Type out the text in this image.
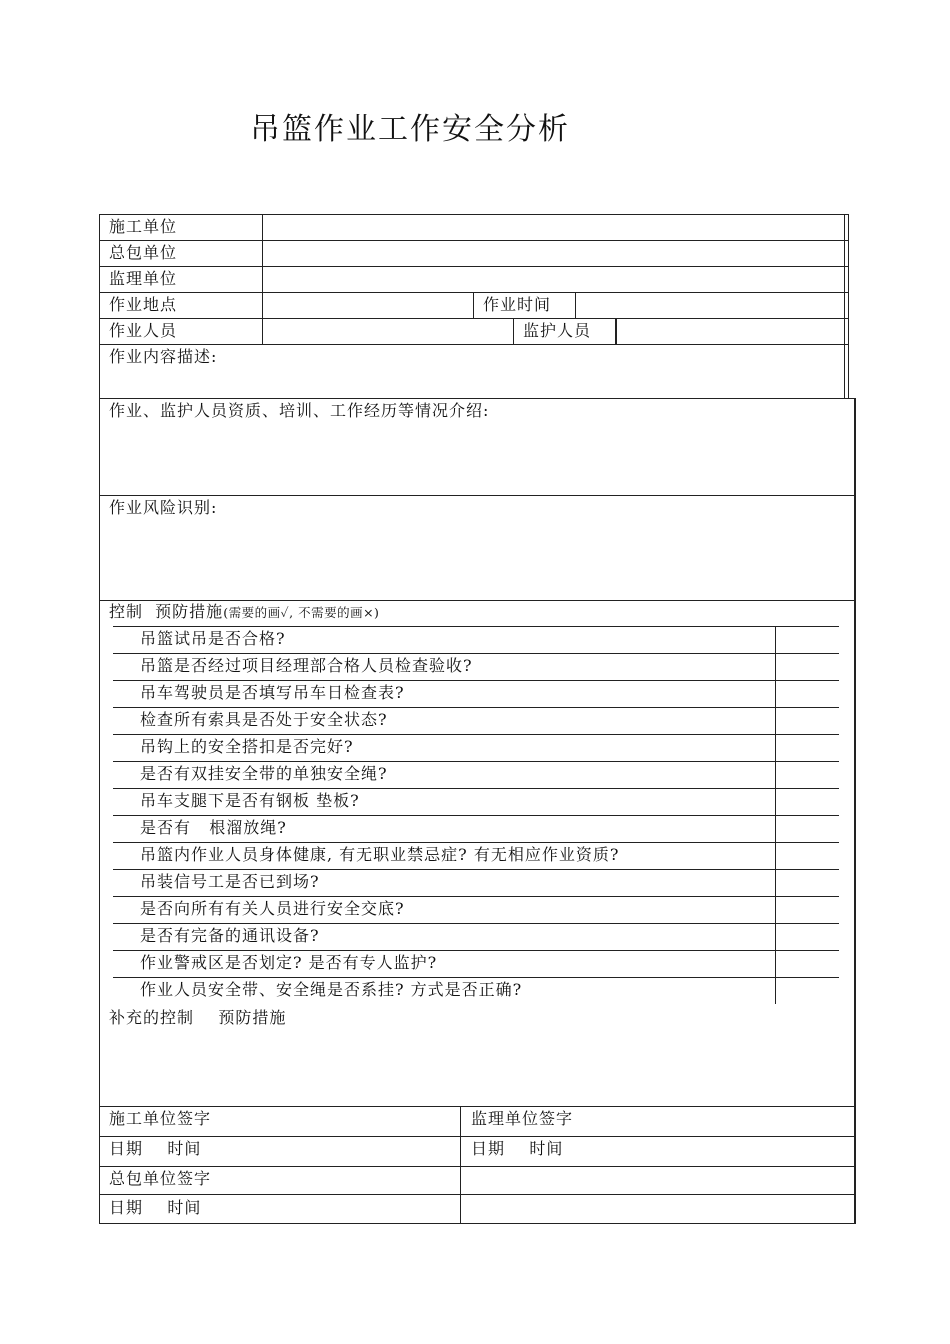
吊篮作业工作安全分析
施工单位
总包单位
监理单位
作业地点	作业时间
作业人员	监护人员
作业内容描述:
作业、监护人员资质、培训、工作经历等情况介绍:
作业风险识别:
控制  预防措施(需要的画✓, 不需要的画×)
吊篮试吊是否合格?
吊篮是否经过项目经理部合格人员检查验收?
吊车驾驶员是否填写吊车日检查表?
检查所有索具是否处于安全状态?
吊钩上的安全搭扣是否完好?
是否有双挂安全带的单独安全绳?
吊车支腿下是否有钢板 垫板?
是否有   根溜放绳?
吊篮内作业人员身体健康, 有无职业禁忌症? 有无相应作业资质?
吊装信号工是否已到场?
是否向所有有关人员进行安全交底?
是否有完备的通讯设备?
作业警戒区是否划定? 是否有专人监护?
作业人员安全带、安全绳是否系挂? 方式是否正确?
补充的控制    预防措施
施工单位签字	监理单位签字
日期    时间	日期    时间
总包单位签字
日期    时间
